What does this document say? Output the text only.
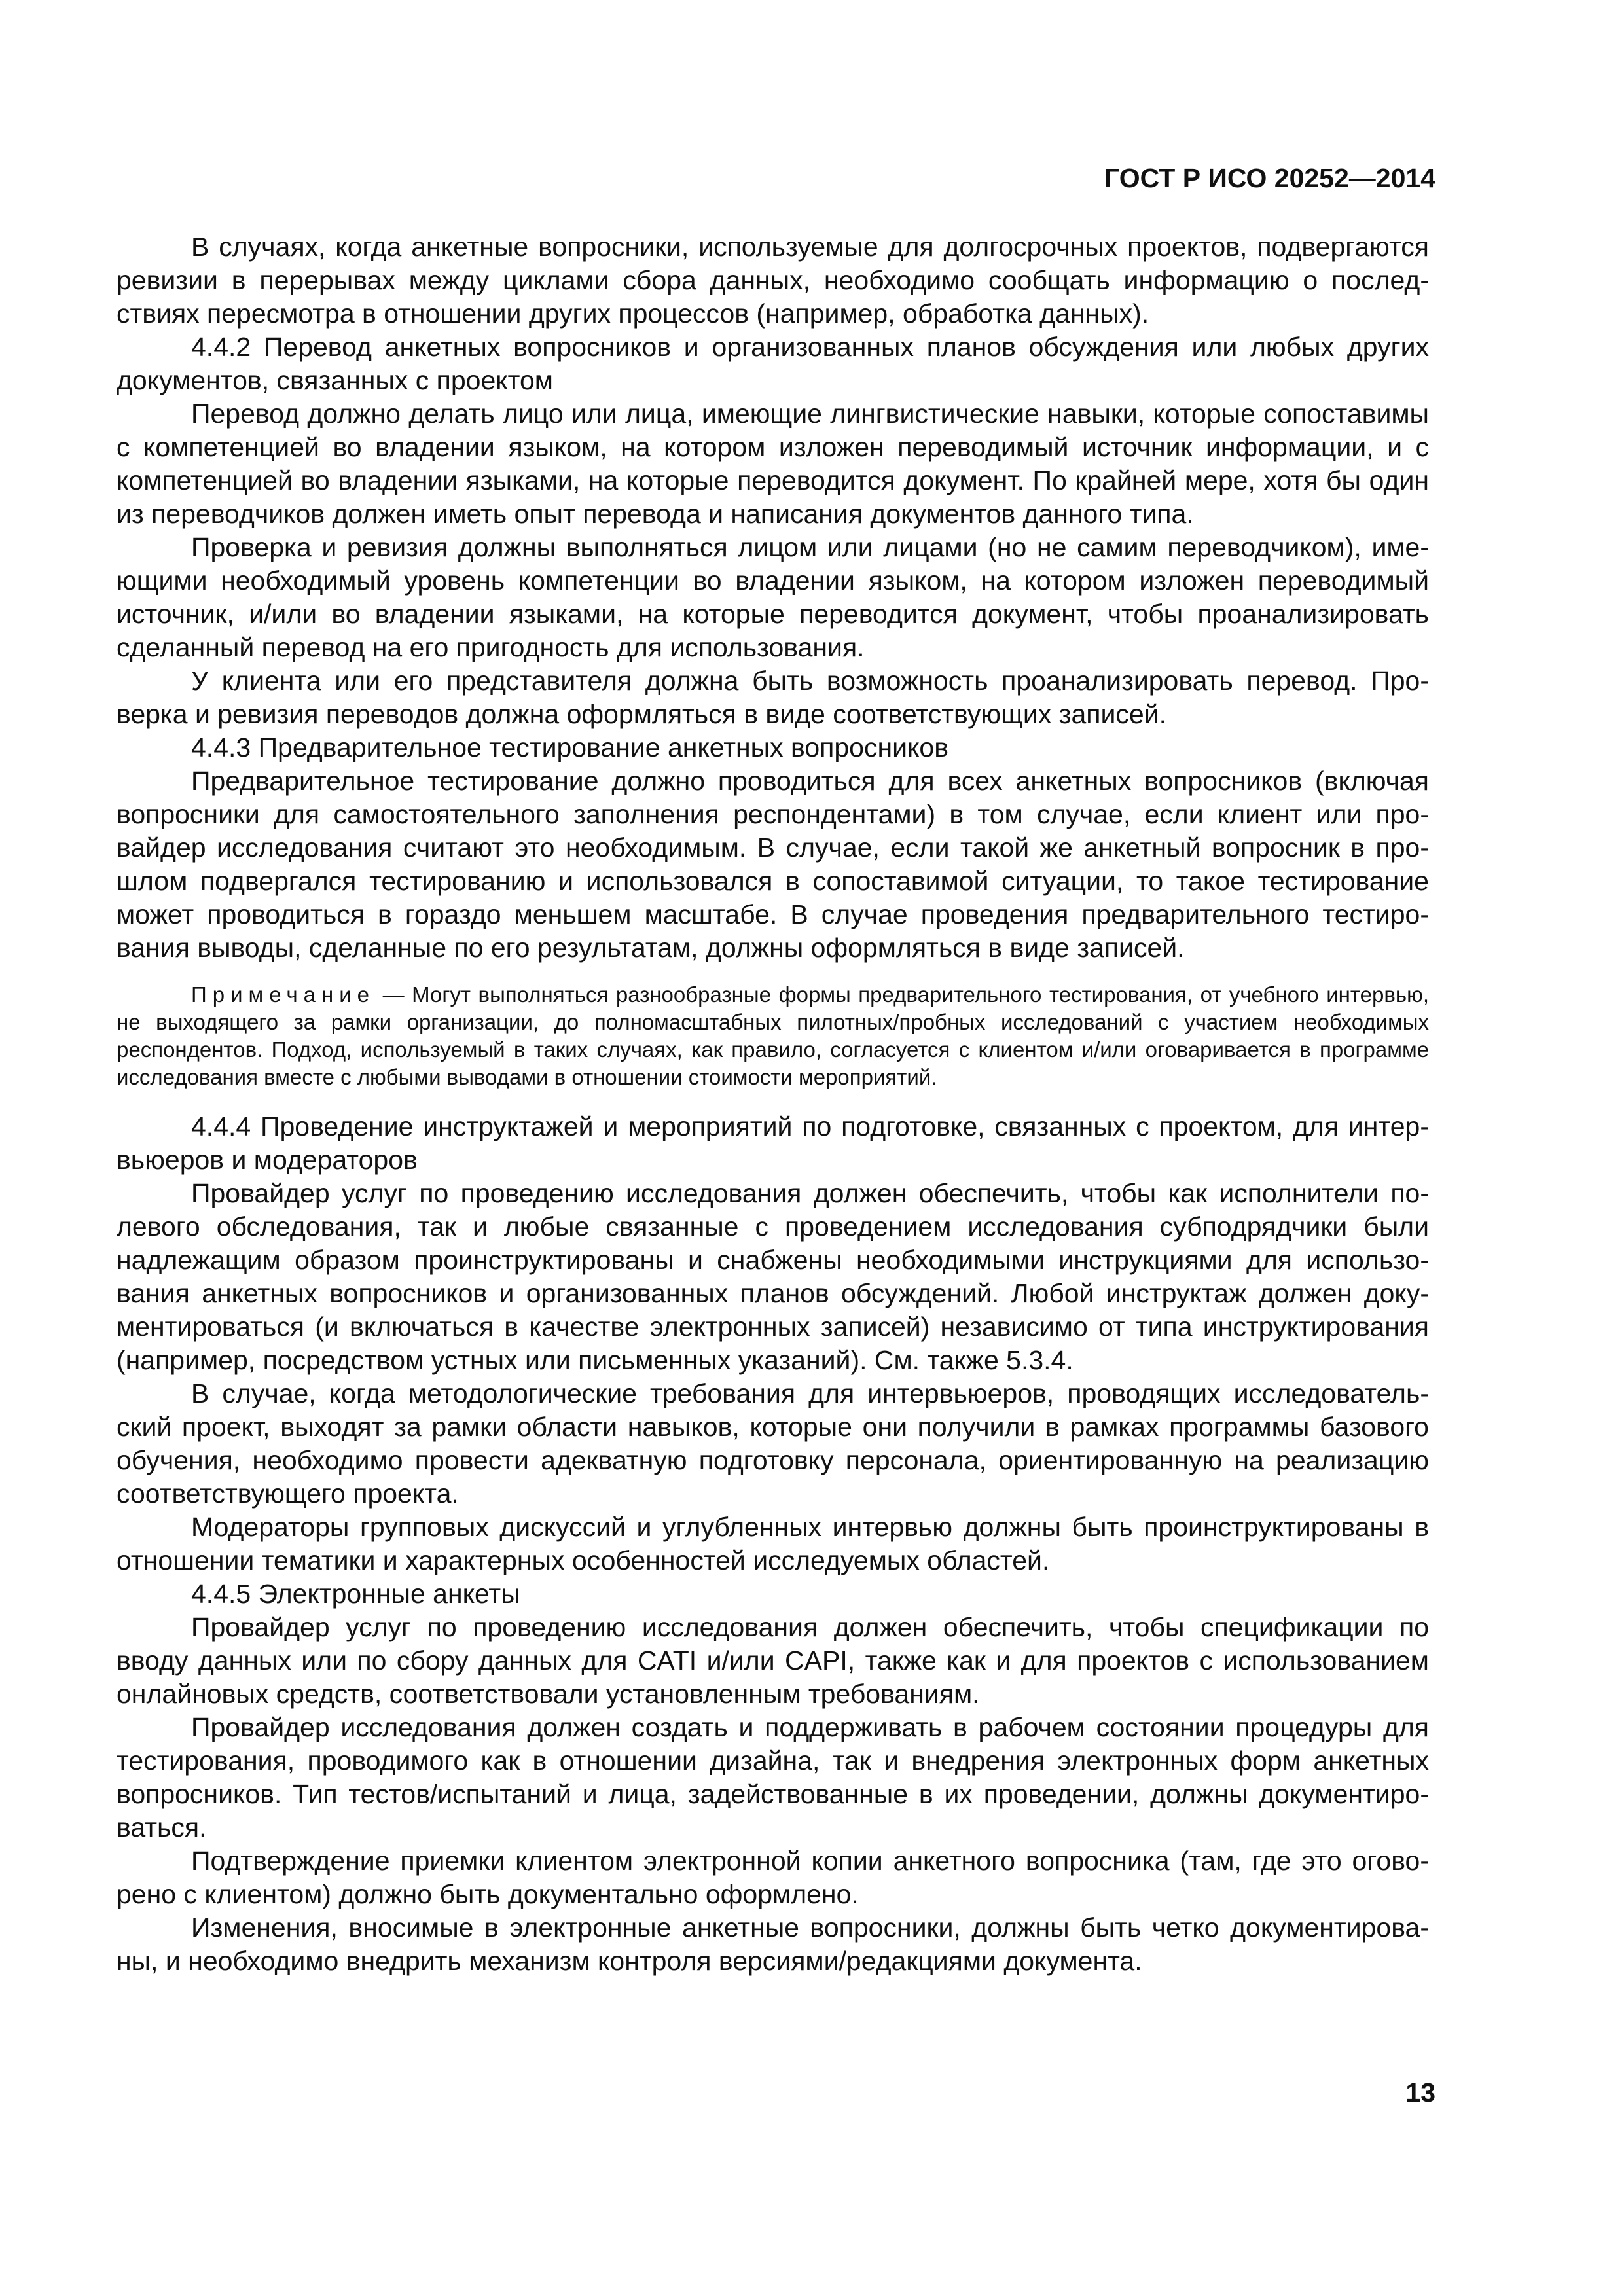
ГОСТ Р ИСО 20252—2014

В случаях, когда анкетные вопросники, используемые для долгосрочных проектов, подвергаются ревизии в перерывах между циклами сбора данных, необходимо сообщать информацию о последствиях пересмотра в отношении других процессов (например, обработка данных).

4.4.2 Перевод анкетных вопросников и организованных планов обсуждения или любых других документов, связанных с проектом

Перевод должно делать лицо или лица, имеющие лингвистические навыки, которые сопоставимы с компетенцией во владении языком, на котором изложен переводимый источник информации, и с компетенцией во владении языками, на которые переводится документ. По крайней мере, хотя бы один из переводчиков должен иметь опыт перевода и написания документов данного типа.

Проверка и ревизия должны выполняться лицом или лицами (но не самим переводчиком), имеющими необходимый уровень компетенции во владении языком, на котором изложен переводимый источник, и/или во владении языками, на которые переводится документ, чтобы проанализировать сделанный перевод на его пригодность для использования.

У клиента или его представителя должна быть возможность проанализировать перевод. Проверка и ревизия переводов должна оформляться в виде соответствующих записей.

4.4.3 Предварительное тестирование анкетных вопросников

Предварительное тестирование должно проводиться для всех анкетных вопросников (включая вопросники для самостоятельного заполнения респондентами) в том случае, если клиент или провайдер исследования считают это необходимым. В случае, если такой же анкетный вопросник в прошлом подвергался тестированию и использовался в сопоставимой ситуации, то такое тестирование может проводиться в гораздо меньшем масштабе. В случае проведения предварительного тестирования выводы, сделанные по его результатам, должны оформляться в виде записей.

Примечание — Могут выполняться разнообразные формы предварительного тестирования, от учебного интервью, не выходящего за рамки организации, до полномасштабных пилотных/пробных исследований с участием необходимых респондентов. Подход, используемый в таких случаях, как правило, согласуется с клиентом и/или оговаривается в программе исследования вместе с любыми выводами в отношении стоимости мероприятий.

4.4.4 Проведение инструктажей и мероприятий по подготовке, связанных с проектом, для интервьюеров и модераторов

Провайдер услуг по проведению исследования должен обеспечить, чтобы как исполнители полевого обследования, так и любые связанные с проведением исследования субподрядчики были надлежащим образом проинструктированы и снабжены необходимыми инструкциями для использования анкетных вопросников и организованных планов обсуждений. Любой инструктаж должен документироваться (и включаться в качестве электронных записей) независимо от типа инструктирования (например, посредством устных или письменных указаний). См. также 5.3.4.

В случае, когда методологические требования для интервьюеров, проводящих исследовательский проект, выходят за рамки области навыков, которые они получили в рамках программы базового обучения, необходимо провести адекватную подготовку персонала, ориентированную на реализацию соответствующего проекта.

Модераторы групповых дискуссий и углубленных интервью должны быть проинструктированы в отношении тематики и характерных особенностей исследуемых областей.

4.4.5 Электронные анкеты

Провайдер услуг по проведению исследования должен обеспечить, чтобы спецификации по вводу данных или по сбору данных для CATI и/или CAPI, также как и для проектов с использованием онлайновых средств, соответствовали установленным требованиям.

Провайдер исследования должен создать и поддерживать в рабочем состоянии процедуры для тестирования, проводимого как в отношении дизайна, так и внедрения электронных форм анкетных вопросников. Тип тестов/испытаний и лица, задействованные в их проведении, должны документироваться.

Подтверждение приемки клиентом электронной копии анкетного вопросника (там, где это оговорено с клиентом) должно быть документально оформлено.

Изменения, вносимые в электронные анкетные вопросники, должны быть четко документированы, и необходимо внедрить механизм контроля версиями/редакциями документа.

13
